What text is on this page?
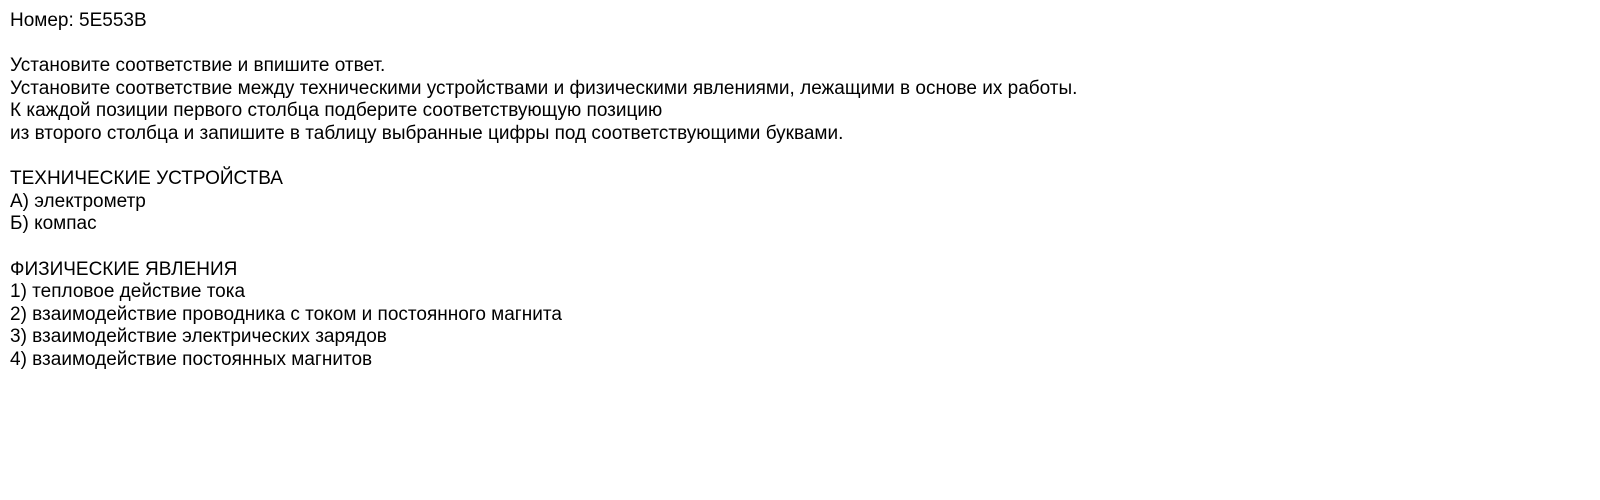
Номер: 5E553B
Установите соответствие и впишите ответ.
Установите соответствие между техническими устройствами и физическими явлениями, лежащими в основе их работы.
К каждой позиции первого столбца подберите соответствующую позицию
из второго столбца и запишите в таблицу выбранные цифры под соответствующими буквами.
ТЕХНИЧЕСКИЕ УСТРОЙСТВА
А) электрометр
Б) компас
ФИЗИЧЕСКИЕ ЯВЛЕНИЯ
1) тепловое действие тока
2) взаимодействие проводника с током и постоянного магнита
3) взаимодействие электрических зарядов
4) взаимодействие постоянных магнитов
